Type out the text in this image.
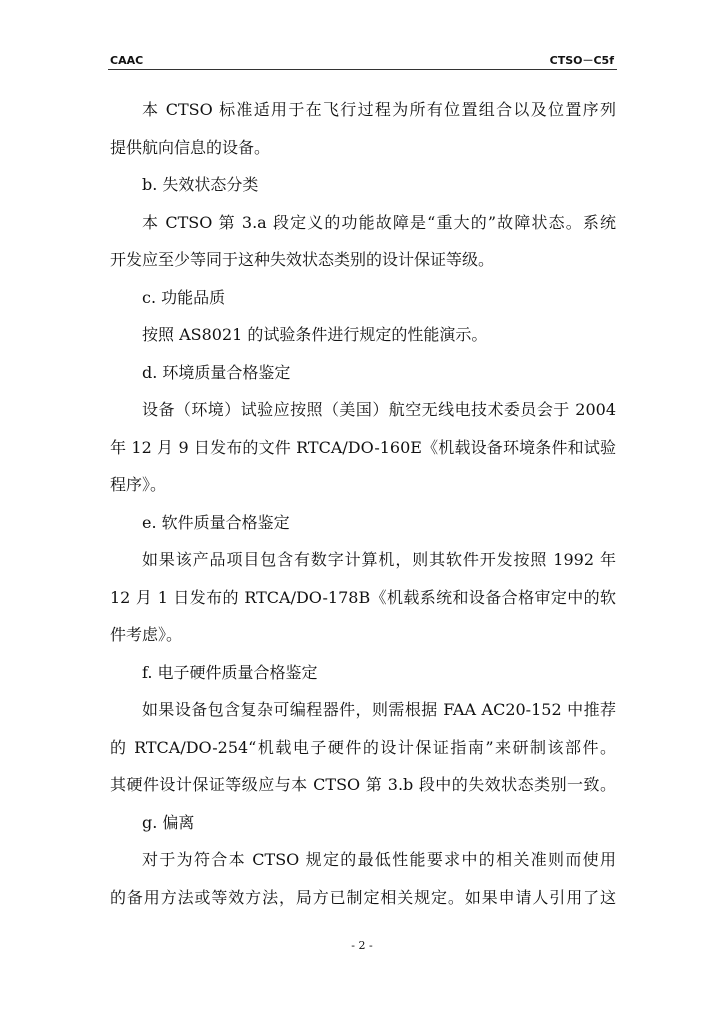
CAAC	CTSO－C5f
本 CTSO 标准适用于在飞行过程为所有位置组合以及位置序列
提供航向信息的设备。
b. 失效状态分类
本 CTSO 第 3.a 段定义的功能故障是“重大的”故障状态。系统
开发应至少等同于这种失效状态类别的设计保证等级。
c. 功能品质
按照 AS8021 的试验条件进行规定的性能演示。
d. 环境质量合格鉴定
设备（环境）试验应按照（美国）航空无线电技术委员会于 2004
年 12 月 9 日发布的文件 RTCA/DO-160E《机载设备环境条件和试验
程序》。
e. 软件质量合格鉴定
如果该产品项目包含有数字计算机，则其软件开发按照 1992 年
12 月 1 日发布的 RTCA/DO-178B《机载系统和设备合格审定中的软
件考虑》。
f. 电子硬件质量合格鉴定
如果设备包含复杂可编程器件，则需根据 FAA AC20-152 中推荐
的 RTCA/DO-254“机载电子硬件的设计保证指南”来研制该部件。
其硬件设计保证等级应与本 CTSO 第 3.b 段中的失效状态类别一致。
g. 偏离
对于为符合本 CTSO 规定的最低性能要求中的相关准则而使用
的备用方法或等效方法，局方已制定相关规定。如果申请人引用了这
- 2 -
